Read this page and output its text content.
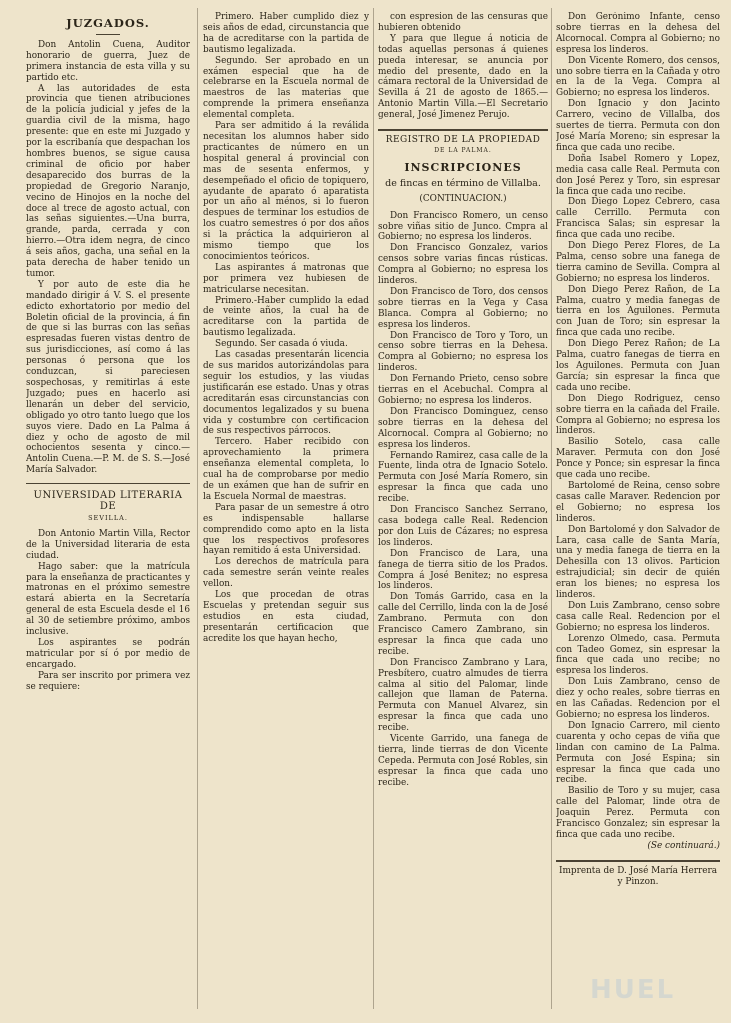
JUZGADOS.

Don Antolin Cuena, Auditor honorario de guerra, Juez de primera instancia de esta villa y su partido etc.

A las autoridades de esta provincia que tienen atribuciones de la policía judicial y jefes de la guardia civil de la misma, hago presente: que en este mi Juzgado y por la escribanía que despachan los hombres buenos, se sigue causa criminal de oficio por haber desaparecido dos burras de la propiedad de Gregorio Naranjo, vecino de Hinojos en la noche del doce al trece de agosto actual, con las señas siguientes.—Una burra, grande, parda, cerrada y con hierro.—Otra idem negra, de cinco á seis años, gacha, una señal en la pata derecha de haber tenido un tumor.

Y por auto de este dia he mandado dirigir á V. S. el presente edicto exhortatorio por medio del Boletin oficial de la provincia, á fin de que si las burras con las señas espresadas fueren vistas dentro de sus jurisdicciones, así como á las personas ó persona que los conduzcan, si pareciesen sospechosas, y remitirlas á este Juzgado; pues en hacerlo asi llenarán un deber del servicio, obligado yo otro tanto luego que los suyos viere. Dado en La Palma á diez y ocho de agosto de mil ochocientos sesenta y cinco.—Antolin Cuena.—P. M. de S. S.—José María Salvador.

UNIVERSIDAD LITERARIA DE
SEVILLA.

Don Antonio Martin Villa, Rector de la Universidad literaria de esta ciudad.

Hago saber: que la matrícula para la enseñanza de practicantes y matronas en el próximo semestre estará abierta en la Secretaría general de esta Escuela desde el 16 al 30 de setiembre próximo, ambos inclusive.

Los aspirantes se podrán matricular por sí ó por medio de encargado.

Para ser inscrito por primera vez se requiere:

Primero. Haber cumplido diez y seis años de edad, circunstancia que ha de acreditarse con la partida de bautismo legalizada.

Segundo. Ser aprobado en un exámen especial que ha de celebrarse en la Escuela normal de maestros de las materias que comprende la primera enseñanza elemental completa.

Para ser admitido á la reválida necesitan los alumnos haber sido practicantes de número en un hospital general á provincial con mas de sesenta enfermos, y desempeñado el oficio de topiquero, ayudante de aparato ó aparatista por un año al ménos, si lo fueron despues de terminar los estudios de los cuatro semestres ó por dos años si la práctica la adquirieron al mismo tiempo que los conocimientos teóricos.

Las aspirantes á matronas que por primera vez hubiesen de matricularse necesitan.

Primero.-Haber cumplido la edad de veinte años, la cual ha de acreditarse con la partida de bautismo legalizada.

Segundo. Ser casada ó viuda.

Las casadas presentarán licencia de sus maridos autorizándolas para seguir los estudios, y las viudas justificarán ese estado. Unas y otras acreditarán esas circunstancias con documentos legalizados y su buena vida y costumbre con certificacion de sus respectivos párrocos.

Tercero. Haber recibido con aprovechamiento la primera enseñanza elemental completa, lo cual ha de comprobarse por medio de un exámen que han de sufrir en la Escuela Normal de maestras.

Para pasar de un semestre á otro es indispensable hallarse comprendido como apto en la lista que los respectivos profesores hayan remitido á esta Universidad.

Los derechos de matrícula para cada semestre serán veinte reales vellon.

Los que procedan de otras Escuelas y pretendan seguir sus estudios en esta ciudad, presentarán certificacion que acredite los que hayan hecho,

con espresion de las censuras que hubieren obtenido

Y para que llegue á noticia de todas aquellas personas á quienes pueda interesar, se anuncia por medio del presente, dado en la cámara rectoral de la Universidad de Sevilla á 21 de agosto de 1865.—Antonio Martin Villa.—El Secretario general, José Jimenez Perujo.

REGISTRO DE LA PROPIEDAD
DE LA PALMA.
INSCRIPCIONES

de fincas en término de Villalba.

(CONTINUACION.)

Don Francisco Romero, un censo sobre viñas sitio de Junco. Cmpra al Gobierno; no espresa los linderos.

Don Francisco Gonzalez, varios censos sobre varias fincas rústicas. Compra al Gobierno; no espresa los linderos.

Don Francisco de Toro, dos censos sobre tierras en la Vega y Casa Blanca. Compra al Gobierno; no espresa los linderos.

Don Francisco de Toro y Toro, un censo sobre tierras en la Dehesa. Compra al Gobierno; no espresa los linderos.

Don Fernando Prieto, censo sobre tierras en el Acebuchal. Compra al Gobierno; no espresa los linderos.

Don Francisco Dominguez, censo sobre tierras en la dehesa del Alcornocal. Compra al Gobierno; no espresa los linderos.

Fernando Ramirez, casa calle de la Fuente, linda otra de Ignacio Sotelo. Permuta con José María Romero, sin espresar la finca que cada uno recibe.

Don Francisco Sanchez Serrano, casa bodega calle Real. Redencion por don Luis de Cázares; no espresa los linderos.

Don Francisco de Lara, una fanega de tierra sitio de los Prados. Compra á José Benitez; no espresa los linderos.

Don Tomás Garrido, casa en la calle del Cerrillo, linda con la de José Zambrano. Permuta con don Francisco Camero Zambrano, sin espresar la finca que cada uno recibe.

Don Francisco Zambrano y Lara, Presbítero, cuatro almudes de tierra calma al sitio del Palomar, linde callejon que llaman de Paterna. Permuta con Manuel Alvarez, sin espresar la finca que cada uno recibe.

Vicente Garrido, una fanega de tierra, linde tierras de don Vicente Cepeda. Permuta con José Robles, sin espresar la finca que cada uno recibe.

Don Gerónimo Infante, censo sobre tierras en la dehesa del Alcornocal. Compra al Gobierno; no espresa los linderos.

Don Vicente Romero, dos censos, uno sobre tierra en la Cañada y otro en la de la Vega. Compra al Gobierno; no espresa los linderos.

Don Ignacio y don Jacinto Carrero, vecino de Villalba, dos suertes de tierra. Permuta con don José María Moreno; sin espresar la finca que cada uno recibe.

Doña Isabel Romero y Lopez, media casa calle Real. Permuta con don José Perez y Toro, sin espresar la finca que cada uno recibe.

Don Diego Lopez Cebrero, casa calle Cerrillo. Permuta con Francisca Salas; sin espresar la finca que cada uno recibe.

Don Diego Perez Flores, de La Palma, censo sobre una fanega de tierra camino de Sevilla. Compra al Gobierno; no espresa los linderos.

Don Diego Perez Rañon, de La Palma, cuatro y media fanegas de tierra en los Aguilones. Permuta con Juan de Toro; sin espresar la finca que cada uno recibe.

Don Diego Perez Rañon; de La Palma, cuatro fanegas de tierra en los Aguilones. Permuta con Juan García; sin espresar la finca que cada uno recibe.

Don Diego Rodriguez, censo sobre tierra en la cañada del Fraile. Compra al Gobierno; no espresa los linderos.

Basilio Sotelo, casa calle Maraver. Permuta con don José Ponce y Ponce; sin espresar la finca que cada uno recibe.

Bartolomé de Reina, censo sobre casas calle Maraver. Redencion por el Gobierno; no espresa los linderos.

Don Bartolomé y don Salvador de Lara, casa calle de Santa María, una y media fanega de tierra en la Dehesilla con 13 olivos. Particion estrajudicial; sin decir de quién eran los bienes; no espresa los linderos.

Don Luis Zambrano, censo sobre casa calle Real. Redencion por el Gobierno; no espresa los linderos.

Lorenzo Olmedo, casa. Permuta con Tadeo Gomez, sin espresar la finca que cada uno recibe; no espresa los linderos.

Don Luis Zambrano, censo de diez y ocho reales, sobre tierras en en las Cañadas. Redencion por el Gobierno; no espresa los linderos.

Don Ignacio Carrero, mil ciento cuarenta y ocho cepas de viña que lindan con camino de La Palma. Permuta con José Espina; sin espresar la finca que cada uno recibe.

Basilio de Toro y su mujer, casa calle del Palomar, linde otra de Joaquin Perez. Permuta con Francisco Gonzalez; sin espresar la finca que cada uno recibe.

(Se continuará.)

Imprenta de D. José María Herrera y Pinzon.

HUEL
